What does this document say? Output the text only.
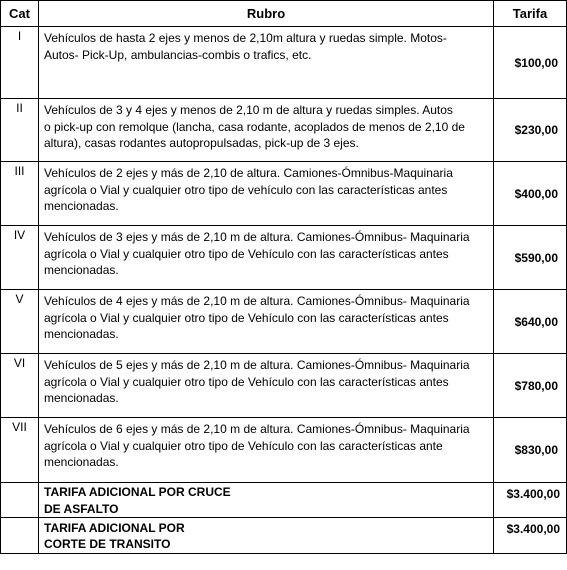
Cat	Rubro	Tarifa
I	Vehículos de hasta 2 ejes y menos de 2,10m altura y ruedas simple. Motos-
Autos- Pick-Up, ambulancias-combis o trafics, etc.	$100,00
II	Vehículos de 3 y 4 ejes y menos de 2,10 m de altura y ruedas simples. Autos
o pick-up con remolque (lancha, casa rodante, acoplados de menos de 2,10 de
altura), casas rodantes autopropulsadas, pick-up de 3 ejes.	$230,00
III	Vehículos de 2 ejes y más de 2,10 de altura. Camiones-Ómnibus-Maquinaria
agrícola o Vial y cualquier otro tipo de vehículo con las características antes
mencionadas.	$400,00
IV	Vehículos de 3 ejes y más de 2,10 m de altura. Camiones-Ómnibus- Maquinaria
agrícola o Vial y cualquier otro tipo de Vehículo con las características antes
mencionadas.	$590,00
V	Vehículos de 4 ejes y más de 2,10 m de altura. Camiones-Ómnibus- Maquinaria
agrícola o Vial y cualquier otro tipo de Vehículo con las características antes
mencionadas.	$640,00
VI	Vehículos de 5 ejes y más de 2,10 m de altura. Camiones-Ómnibus- Maquinaria
agrícola o Vial y cualquier otro tipo de Vehículo con las características antes
mencionadas.	$780,00
VII	Vehículos de 6 ejes y más de 2,10 m de altura. Camiones-Ómnibus- Maquinaria
agrícola o Vial y cualquier otro tipo de Vehículo con las características ante
mencionadas.	$830,00

	TARIFA ADICIONAL POR CRUCE
DE ASFALTO	$3.400,00

	TARIFA ADICIONAL POR
CORTE DE TRANSITO	$3.400,00
